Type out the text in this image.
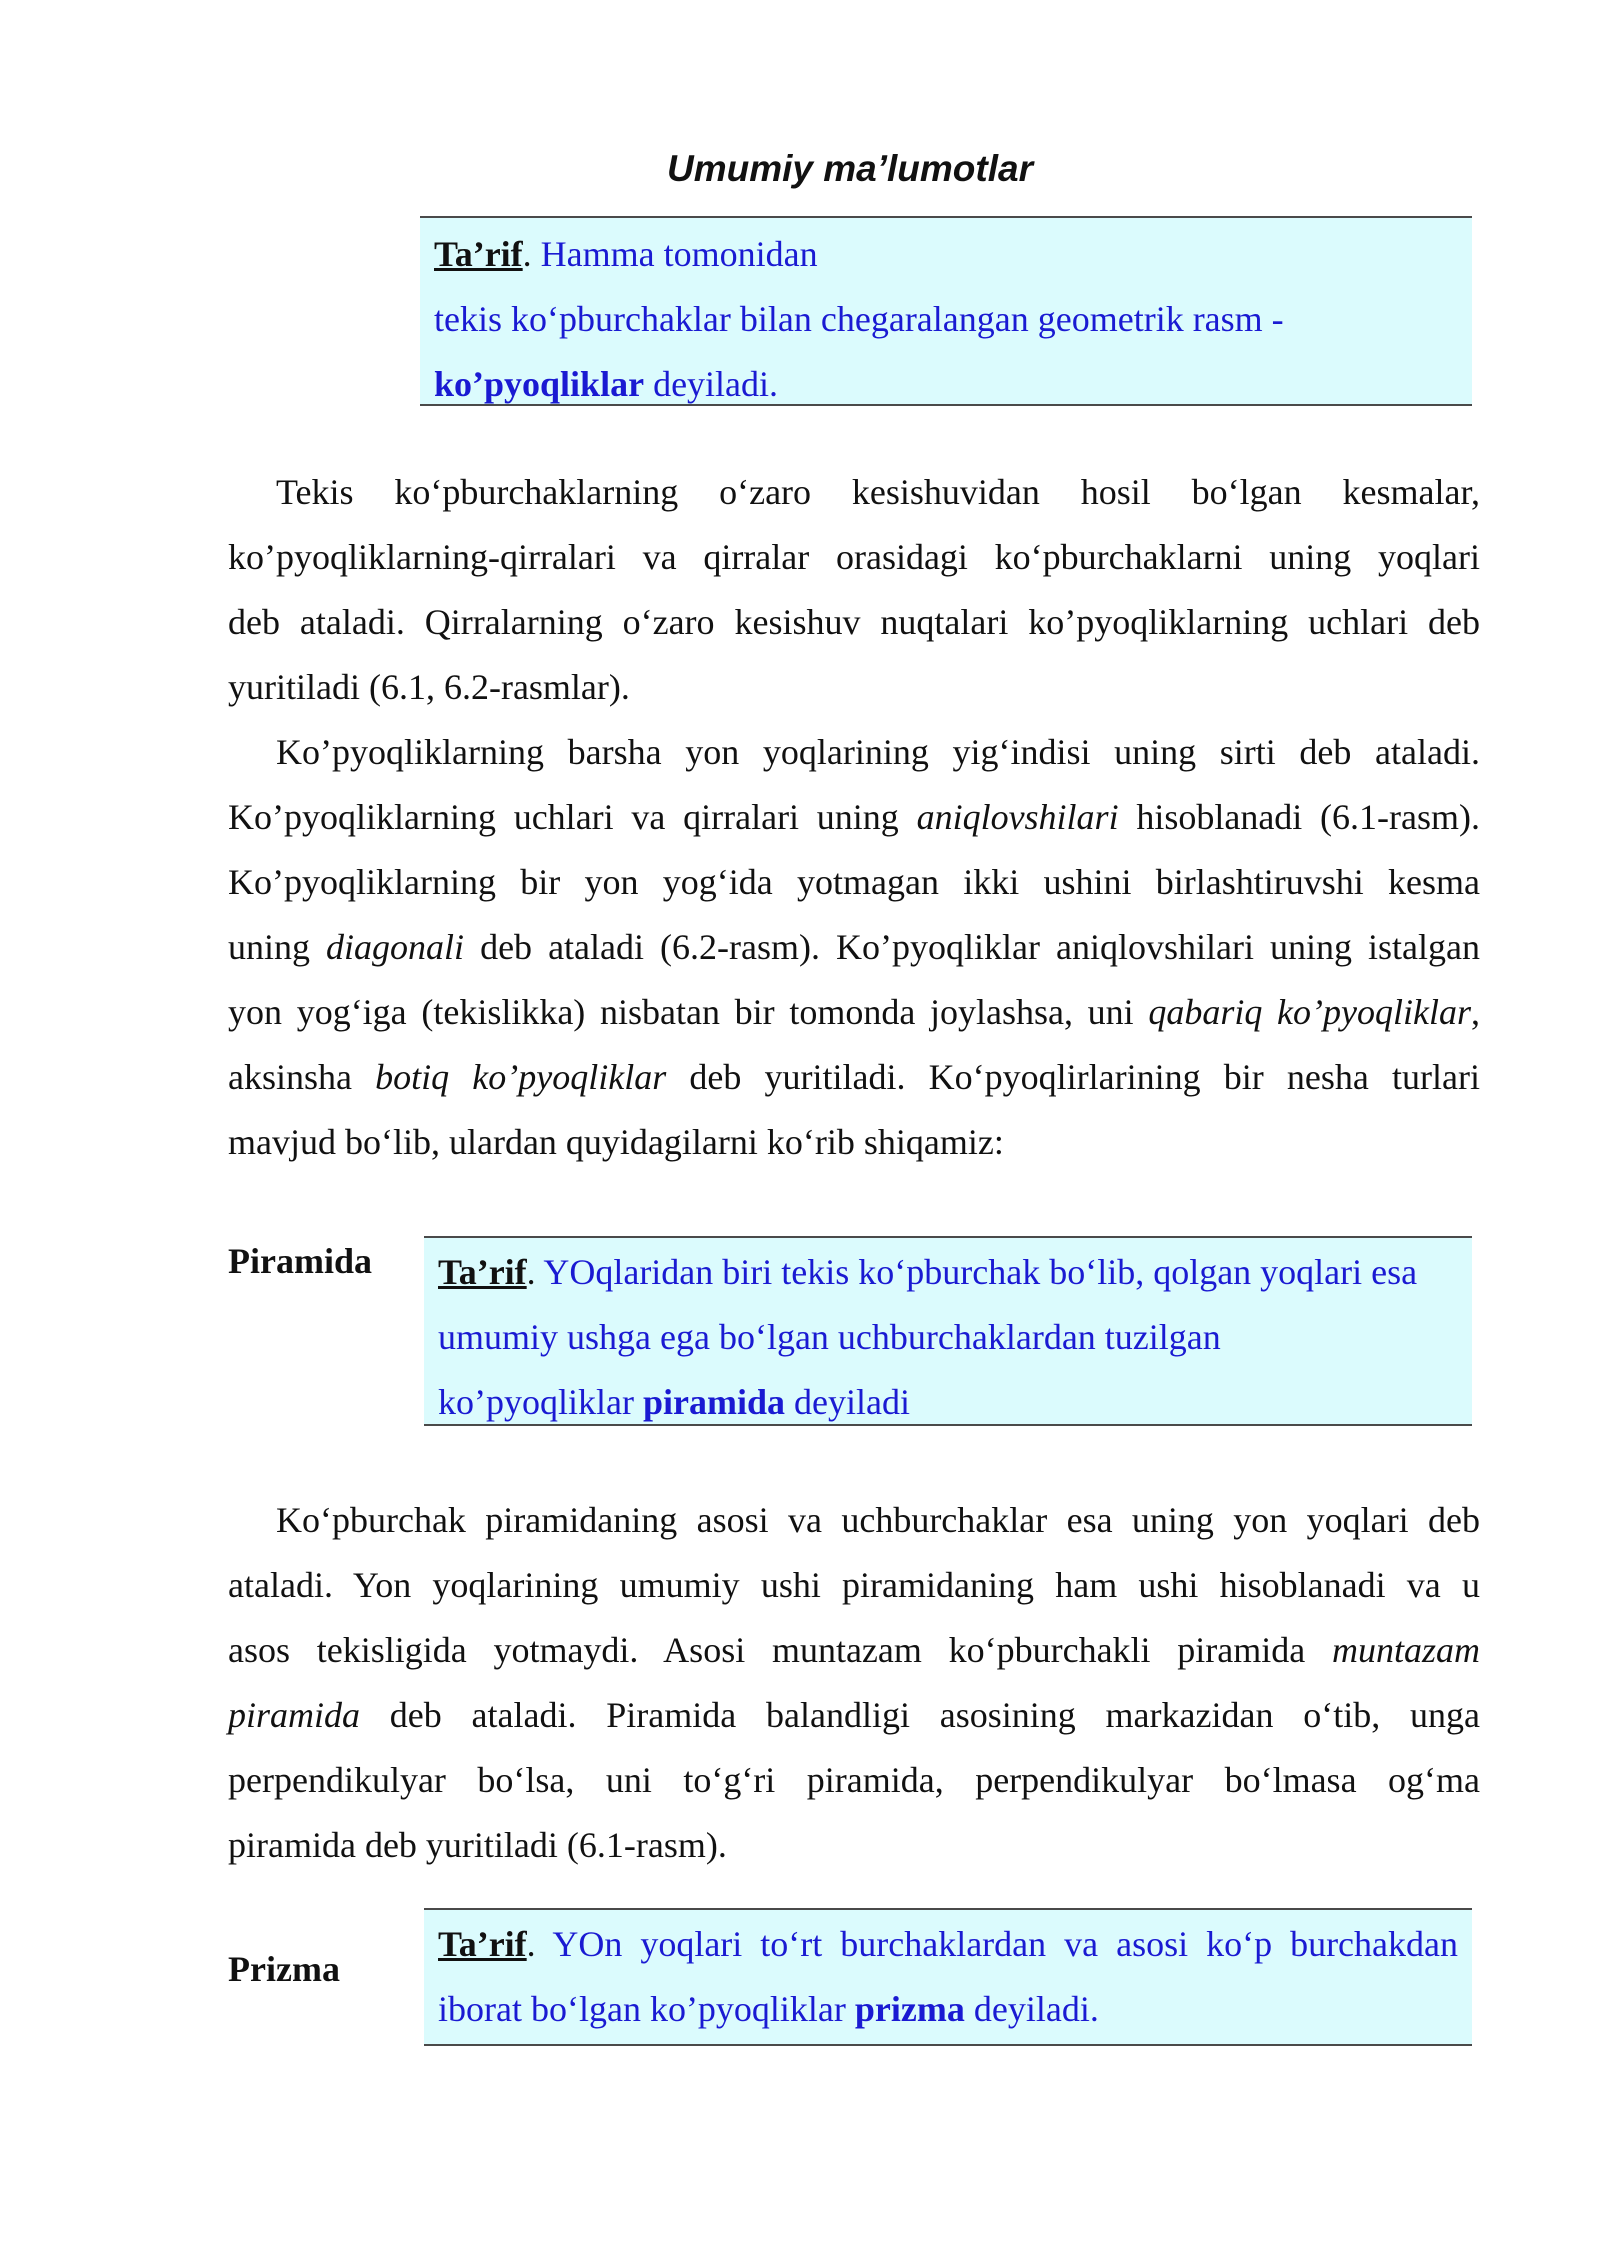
Umumiy ma’lumotlar
Ta’rif. Hamma tomonidan
tekis ko‘pburchaklar bilan chegaralangan geometrik rasm -
ko’pyoqliklar deyiladi.
Tekis ko‘pburchaklarning o‘zaro kesishuvidan hosil bo‘lgan kesmalar,
ko’pyoqliklarning-qirralari va qirralar orasidagi ko‘pburchaklarni uning yoqlari
deb ataladi. Qirralarning o‘zaro kesishuv nuqtalari ko’pyoqliklarning uchlari deb
yuritiladi (6.1, 6.2-rasmlar).
Ko’pyoqliklarning barsha yon yoqlarining yig‘indisi uning sirti deb ataladi.
Ko’pyoqliklarning uchlari va qirralari uning aniqlovshilari hisoblanadi (6.1-rasm).
Ko’pyoqliklarning bir yon yog‘ida yotmagan ikki ushini birlashtiruvshi kesma
uning diagonali deb ataladi (6.2-rasm). Ko’pyoqliklar aniqlovshilari uning istalgan
yon yog‘iga (tekislikka) nisbatan bir tomonda joylashsa, uni qabariq ko’pyoqliklar,
aksinsha botiq ko’pyoqliklar deb yuritiladi. Ko‘pyoqlirlarining bir nesha turlari
mavjud bo‘lib, ulardan quyidagilarni ko‘rib shiqamiz:
Piramida Ta’rif. YOqlaridan biri tekis ko‘pburchak bo‘lib, qolgan yoqlari esa
umumiy ushga ega bo‘lgan uchburchaklardan tuzilgan
ko’pyoqliklar piramida deyiladi
Ko‘pburchak piramidaning asosi va uchburchaklar esa uning yon yoqlari deb
ataladi. Yon yoqlarining umumiy ushi piramidaning ham ushi hisoblanadi va u
asos tekisligida yotmaydi. Asosi muntazam ko‘pburchakli piramida muntazam
piramida deb ataladi. Piramida balandligi asosining markazidan o‘tib, unga
perpendikulyar bo‘lsa, uni to‘g‘ri piramida, perpendikulyar bo‘lmasa og‘ma
piramida deb yuritiladi (6.1-rasm).
Prizma
Ta’rif. YOn yoqlari to‘rt burchaklardan va asosi ko‘p burchakdan
iborat bo‘lgan ko’pyoqliklar prizma deyiladi.
